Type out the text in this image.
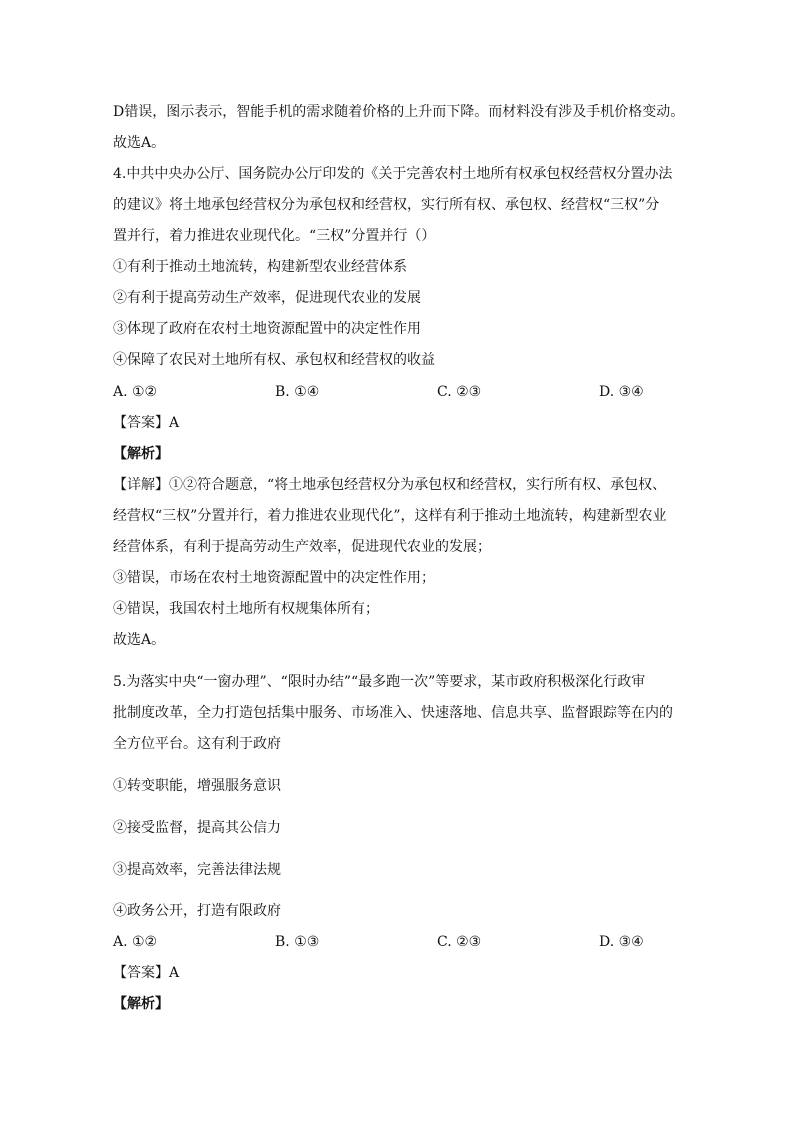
D错误，图示表示，智能手机的需求随着价格的上升而下降。而材料没有涉及手机价格变动。
故选A。
4.中共中央办公厅、国务院办公厅印发的《关于完善农村土地所有权承包权经营权分置办法
的建议》将土地承包经营权分为承包权和经营权，实行所有权、承包权、经营权“三权”分
置并行，着力推进农业现代化。“三权”分置并行（）
①有利于推动土地流转，构建新型农业经营体系
②有利于提高劳动生产效率，促进现代农业的发展
③体现了政府在农村土地资源配置中的决定性作用
④保障了农民对土地所有权、承包权和经营权的收益
A. ①②	B. ①④	C. ②③	D. ③④
【答案】A
【解析】
【详解】①②符合题意，“将土地承包经营权分为承包权和经营权，实行所有权、承包权、
经营权“三权”分置并行，着力推进农业现代化”，这样有利于推动土地流转，构建新型农业
经营体系，有利于提高劳动生产效率，促进现代农业的发展；
③错误，市场在农村土地资源配置中的决定性作用；
④错误，我国农村土地所有权规集体所有；
故选A。
5.为落实中央“一窗办理”、“限时办结”“最多跑一次”等要求，某市政府积极深化行政审
批制度改革，全力打造包括集中服务、市场准入、快速落地、信息共享、监督跟踪等在内的
全方位平台。这有利于政府
①转变职能，增强服务意识
②接受监督，提高其公信力
③提高效率，完善法律法规
④政务公开，打造有限政府
A. ①②	B. ①③	C. ②③	D. ③④
【答案】A
【解析】
